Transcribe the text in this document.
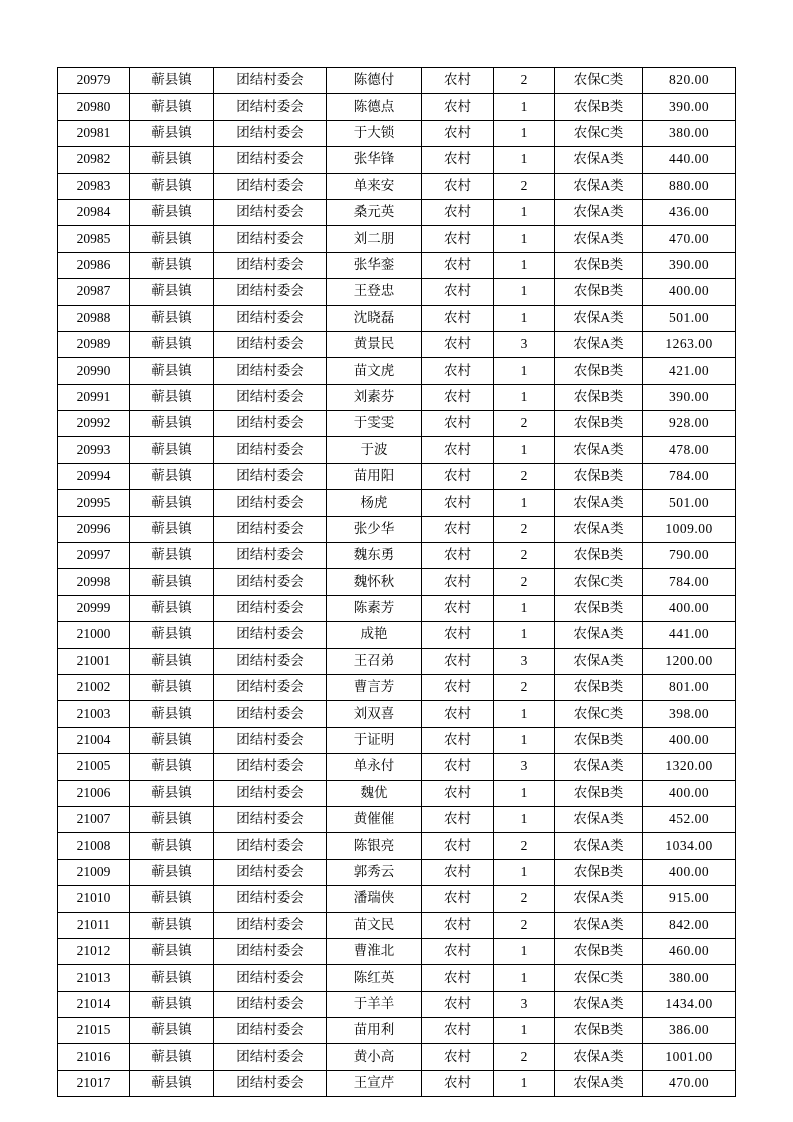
20979	蕲县镇	团结村委会	陈德付	农村	2	农保C类	820.00
20980	蕲县镇	团结村委会	陈德点	农村	1	农保B类	390.00
20981	蕲县镇	团结村委会	于大锁	农村	1	农保C类	380.00
20982	蕲县镇	团结村委会	张华锋	农村	1	农保A类	440.00
20983	蕲县镇	团结村委会	单来安	农村	2	农保A类	880.00
20984	蕲县镇	团结村委会	桑元英	农村	1	农保A类	436.00
20985	蕲县镇	团结村委会	刘二朋	农村	1	农保A类	470.00
20986	蕲县镇	团结村委会	张华銮	农村	1	农保B类	390.00
20987	蕲县镇	团结村委会	王登忠	农村	1	农保B类	400.00
20988	蕲县镇	团结村委会	沈晓磊	农村	1	农保A类	501.00
20989	蕲县镇	团结村委会	黄景民	农村	3	农保A类	1263.00
20990	蕲县镇	团结村委会	苗文虎	农村	1	农保B类	421.00
20991	蕲县镇	团结村委会	刘素芬	农村	1	农保B类	390.00
20992	蕲县镇	团结村委会	于雯雯	农村	2	农保B类	928.00
20993	蕲县镇	团结村委会	于波	农村	1	农保A类	478.00
20994	蕲县镇	团结村委会	苗用阳	农村	2	农保B类	784.00
20995	蕲县镇	团结村委会	杨虎	农村	1	农保A类	501.00
20996	蕲县镇	团结村委会	张少华	农村	2	农保A类	1009.00
20997	蕲县镇	团结村委会	魏东勇	农村	2	农保B类	790.00
20998	蕲县镇	团结村委会	魏怀秋	农村	2	农保C类	784.00
20999	蕲县镇	团结村委会	陈素芳	农村	1	农保B类	400.00
21000	蕲县镇	团结村委会	成艳	农村	1	农保A类	441.00
21001	蕲县镇	团结村委会	王召弟	农村	3	农保A类	1200.00
21002	蕲县镇	团结村委会	曹言芳	农村	2	农保B类	801.00
21003	蕲县镇	团结村委会	刘双喜	农村	1	农保C类	398.00
21004	蕲县镇	团结村委会	于证明	农村	1	农保B类	400.00
21005	蕲县镇	团结村委会	单永付	农村	3	农保A类	1320.00
21006	蕲县镇	团结村委会	魏优	农村	1	农保B类	400.00
21007	蕲县镇	团结村委会	黄催催	农村	1	农保A类	452.00
21008	蕲县镇	团结村委会	陈银亮	农村	2	农保A类	1034.00
21009	蕲县镇	团结村委会	郭秀云	农村	1	农保B类	400.00
21010	蕲县镇	团结村委会	潘瑞侠	农村	2	农保A类	915.00
21011	蕲县镇	团结村委会	苗文民	农村	2	农保A类	842.00
21012	蕲县镇	团结村委会	曹淮北	农村	1	农保B类	460.00
21013	蕲县镇	团结村委会	陈红英	农村	1	农保C类	380.00
21014	蕲县镇	团结村委会	于羊羊	农村	3	农保A类	1434.00
21015	蕲县镇	团结村委会	苗用利	农村	1	农保B类	386.00
21016	蕲县镇	团结村委会	黄小高	农村	2	农保A类	1001.00
21017	蕲县镇	团结村委会	王宣芹	农村	1	农保A类	470.00
